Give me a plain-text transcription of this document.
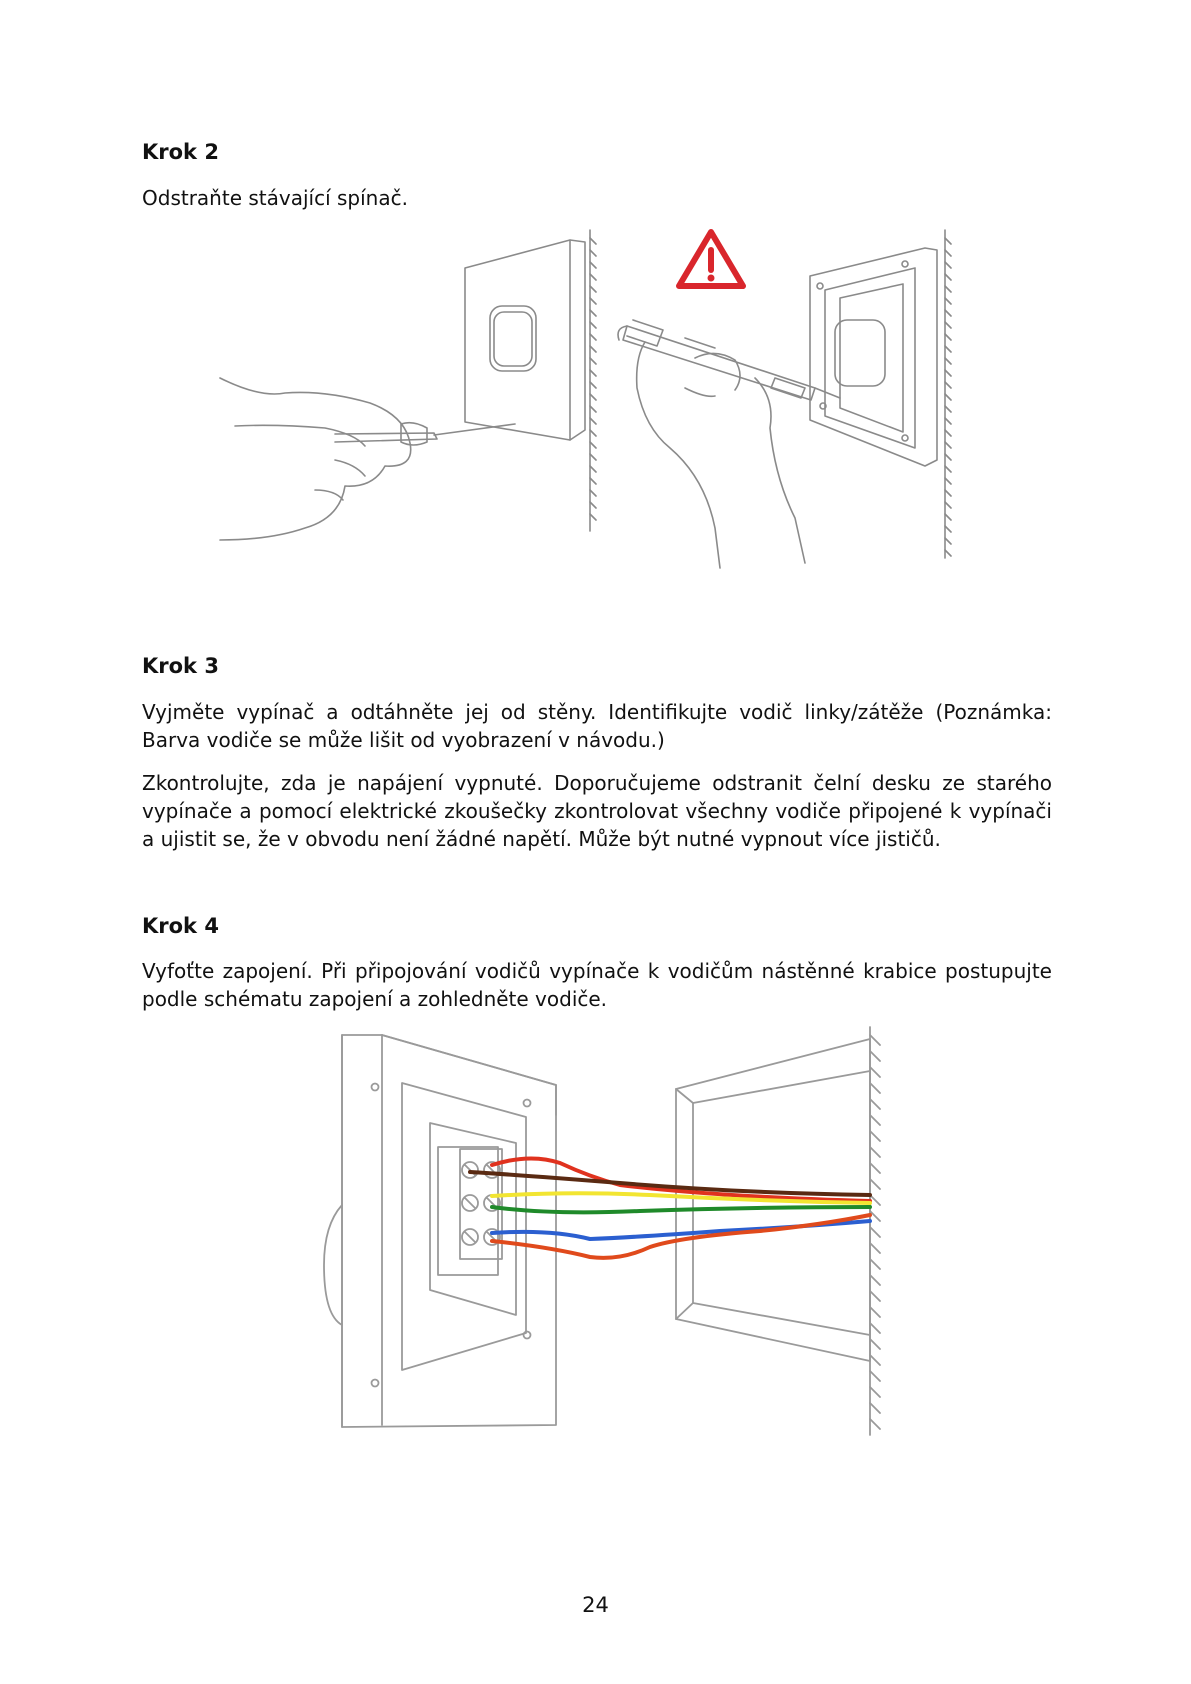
Krok 2
Odstraňte stávající spínač.
Krok 3
Vyjměte vypínač a odtáhněte jej od stěny. Identifikujte vodič linky/zátěže (Poznámka: Barva vodiče se může lišit od vyobrazení v návodu.)
Zkontrolujte, zda je napájení vypnuté. Doporučujeme odstranit čelní desku ze starého vypínače a pomocí elektrické zkoušečky zkontrolovat všechny vodiče připojené k vypínači a ujistit se, že v obvodu není žádné napětí. Může být nutné vypnout více jističů.
Krok 4
Vyfoťte zapojení. Při připojování vodičů vypínače k vodičům nástěnné krabice postupujte podle schématu zapojení a zohledněte vodiče.
24
